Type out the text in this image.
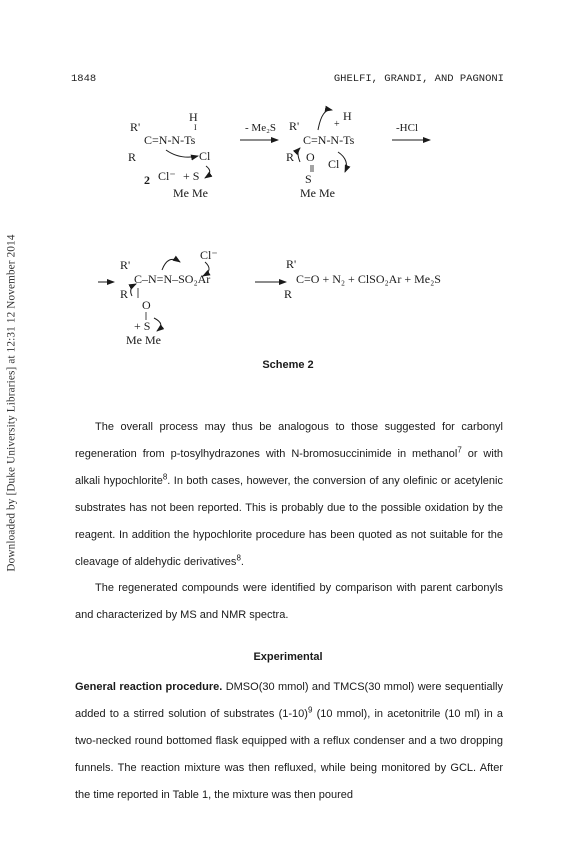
Downloaded by [Duke University Libraries] at 12:31 12 November 2014
1848	GHELFI, GRANDI, AND PAGNONI
H
I
R'
C=N-N-Ts
R	Cl
Cl⁻ + S
2
Me Me
- Me₂S
H
+
R'
C=N-N-Ts
R O Cl
S
Me Me
-HCl
Cl⁻
R'
C–N=N–SO₂Ar
R
O
+ S
Me Me
R'
C=O + N₂ + ClSO₂Ar + Me₂S
R
Scheme 2

The overall process may thus be analogous to those suggested for carbonyl regeneration from p-tosylhydrazones with N-bromosuccinimide in methanol$^7$ or with alkali hypochlorite$^8$. In both cases, however, the conversion of any olefinic or acetylenic substrates has not been reported. This is probably due to the possible oxidation by the reagent. In addition the hypochlorite procedure has been quoted as not suitable for the cleavage of aldehydic derivatives$^8$.

The regenerated compounds were identified by comparison with parent carbonyls and characterized by MS and NMR spectra.

Experimental

General reaction procedure. DMSO(30 mmol) and TMCS(30 mmol) were sequentially added to a stirred solution of substrates $(1-10)^9$ (10 mmol), in acetonitrile (10 ml) in a two-necked round bottomed flask equipped with a reflux condenser and a two dropping funnels. The reaction mixture was then refluxed, while being monitored by GCL. After the time reported in Table 1, the mixture was then poured
